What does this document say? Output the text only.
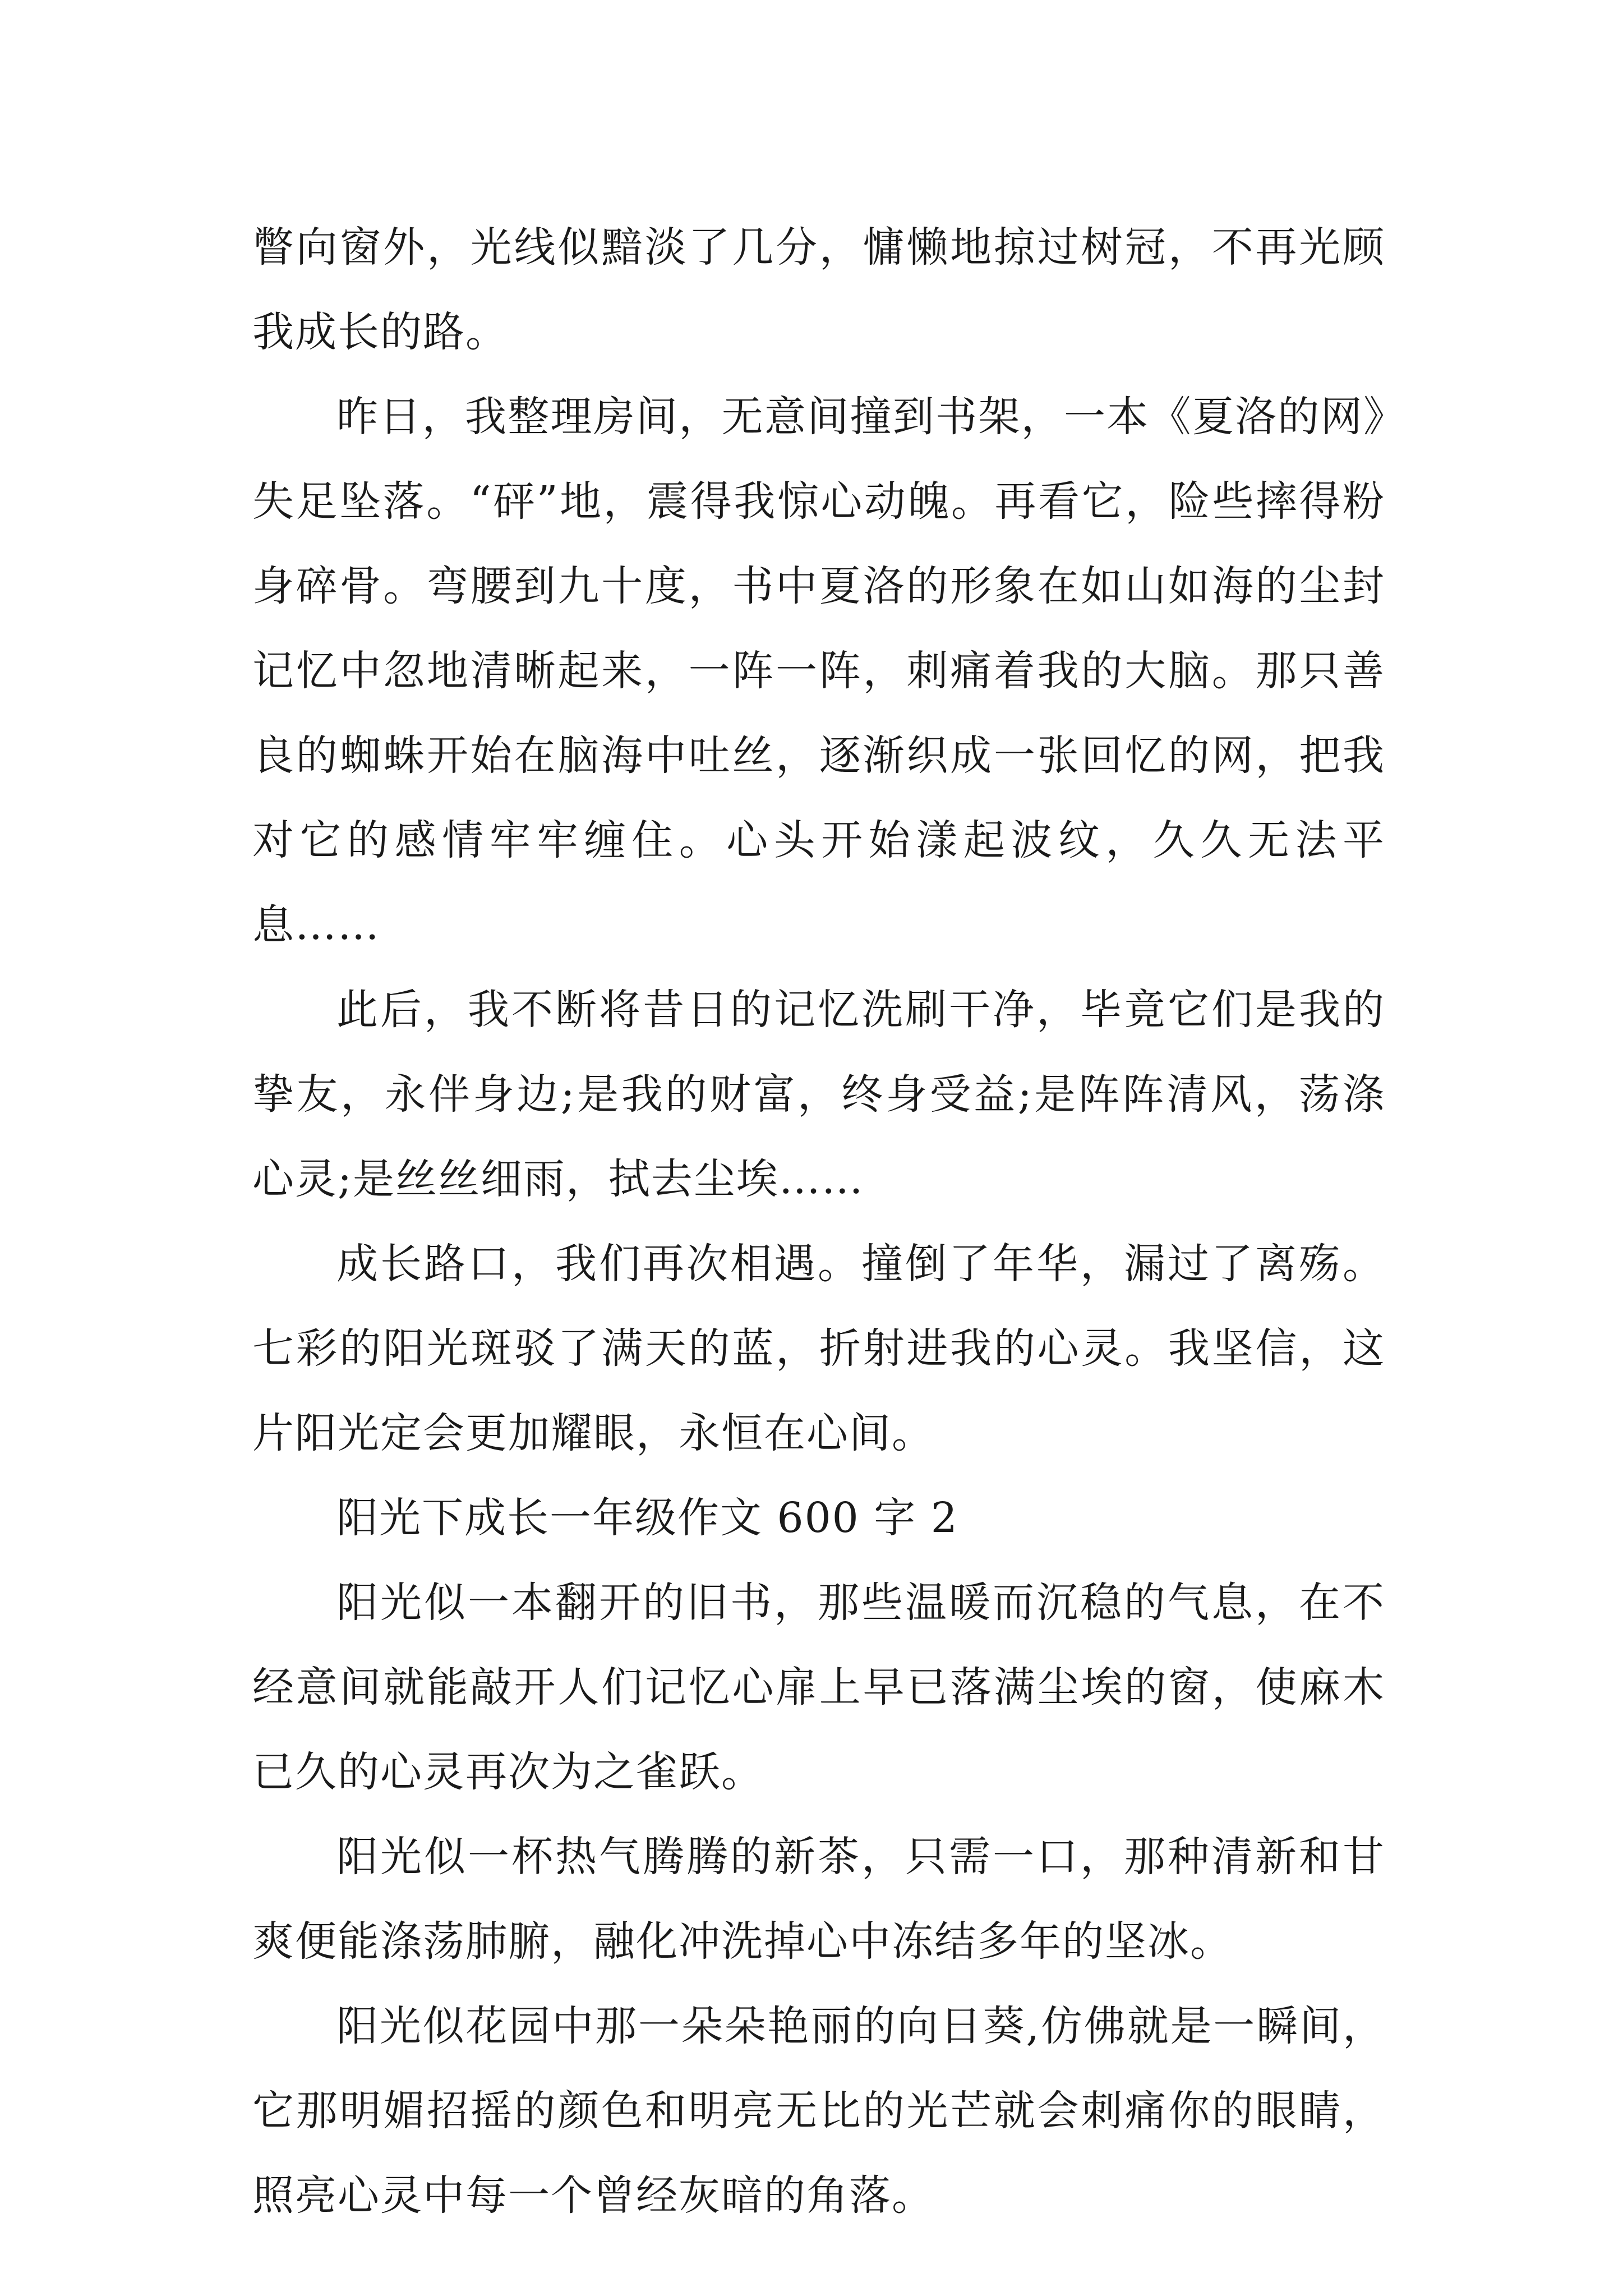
瞥向窗外，光线似黯淡了几分，慵懒地掠过树冠，不再光顾我成长的路。

昨日，我整理房间，无意间撞到书架，一本《夏洛的网》失足坠落。“砰”地，震得我惊心动魄。再看它，险些摔得粉身碎骨。弯腰到九十度，书中夏洛的形象在如山如海的尘封记忆中忽地清晰起来，一阵一阵，刺痛着我的大脑。那只善良的蜘蛛开始在脑海中吐丝，逐渐织成一张回忆的网，把我对它的感情牢牢缠住。心头开始漾起波纹，久久无法平息……

此后，我不断将昔日的记忆洗刷干净，毕竟它们是我的挚友，永伴身边;是我的财富，终身受益;是阵阵清风，荡涤心灵;是丝丝细雨，拭去尘埃……

成长路口，我们再次相遇。撞倒了年华，漏过了离殇。七彩的阳光斑驳了满天的蓝，折射进我的心灵。我坚信，这片阳光定会更加耀眼，永恒在心间。

阳光下成长一年级作文 600 字 2

阳光似一本翻开的旧书，那些温暖而沉稳的气息，在不经意间就能敲开人们记忆心扉上早已落满尘埃的窗，使麻木已久的心灵再次为之雀跃。

阳光似一杯热气腾腾的新茶，只需一口，那种清新和甘爽便能涤荡肺腑，融化冲洗掉心中冻结多年的坚冰。

阳光似花园中那一朵朵艳丽的向日葵,仿佛就是一瞬间，它那明媚招摇的颜色和明亮无比的光芒就会刺痛你的眼睛，照亮心灵中每一个曾经灰暗的角落。
